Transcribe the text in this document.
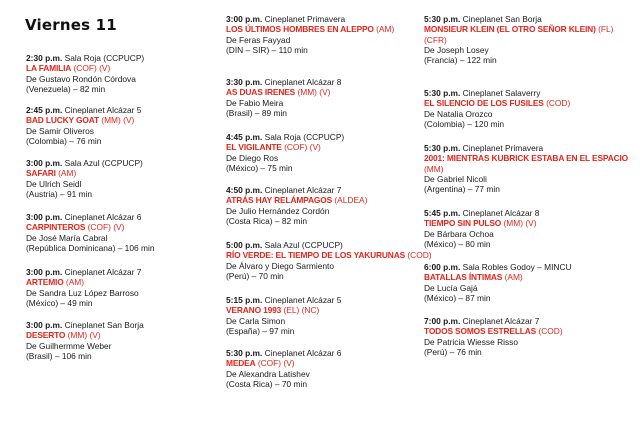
Viernes 11
2:30 p.m. Sala Roja (CCPUCP)
LA FAMILIA (COF) (V)
De Gustavo Rondón Córdova
(Venezuela) – 82 min
2:45 p.m. Cineplanet Alcázar 5
BAD LUCKY GOAT (MM) (V)
De Samir Oliveros
(Colombia) – 76 min
3:00 p.m. Sala Azul (CCPUCP)
SAFARI (AM)
De Ulrich Seidl
(Austria) – 91 min
3:00 p.m. Cineplanet Alcázar 6
CARPINTEROS (COF) (V)
De José María Cabral
(República Dominicana) – 106 min
3:00 p.m. Cineplanet Alcázar 7
ARTEMIO (AM)
De Sandra Luz López Barroso
(México) – 49 min
3:00 p.m. Cineplanet San Borja
DESERTO (MM) (V)
De Guilhermme Weber
(Brasil) – 106 min
3:00 p.m. Cineplanet Primavera
LOS ÚLTIMOS HOMBRES EN ALEPPO (AM)
De Feras Fayyad
(DIN – SIR) – 110 min
3:30 p.m. Cineplanet Alcázar 8
AS DUAS IRENES (MM) (V)
De Fabio Meira
(Brasil) – 89 min
4:45 p.m. Sala Roja (CCPUCP)
EL VIGILANTE (COF) (V)
De Diego Ros
(México) – 75 min
4:50 p.m. Cineplanet Alcázar 7
ATRÁS HAY RELÁMPAGOS (ALDEA)
De Julio Hernández Cordón
(Costa Rica) – 82 min
5:00 p.m. Sala Azul (CCPUCP)
RÍO VERDE: EL TIEMPO DE LOS YAKURUNAS (COD)
De Álvaro y Diego Sarmiento
(Perú) – 70 min
5:15 p.m. Cineplanet Alcázar 5
VERANO 1993 (EL) (NC)
De Carla Simon
(España) – 97 min
5:30 p.m. Cineplanet Alcázar 6
MEDEA (COF) (V)
De Alexandra Latishev
(Costa Rica) – 70 min
5:30 p.m. Cineplanet San Borja
MONSIEUR KLEIN (EL OTRO SEÑOR KLEIN) (FL)
(CFR)
De Joseph Losey
(Francia) – 122 min
5:30 p.m. Cineplanet Salaverry
EL SILENCIO DE LOS FUSILES (COD)
De Natalia Orozco
(Colombia) – 120 min
5:30 p.m. Cineplanet Primavera
2001: MIENTRAS KUBRICK ESTABA EN EL ESPACIO
(MM)
De Gabriel Nicoli
(Argentina) – 77 min
5:45 p.m. Cineplanet Alcázar 8
TIEMPO SIN PULSO (MM) (V)
De Bárbara Ochoa
(México) – 80 min
6:00 p.m. Sala Robles Godoy – MINCU
BATALLAS ÍNTIMAS (AM)
De Lucía Gajá
(México) – 87 min
7:00 p.m. Cineplanet Alcázar 7
TODOS SOMOS ESTRELLAS (COD)
De Patricia Wiesse Risso
(Perú) – 76 min
